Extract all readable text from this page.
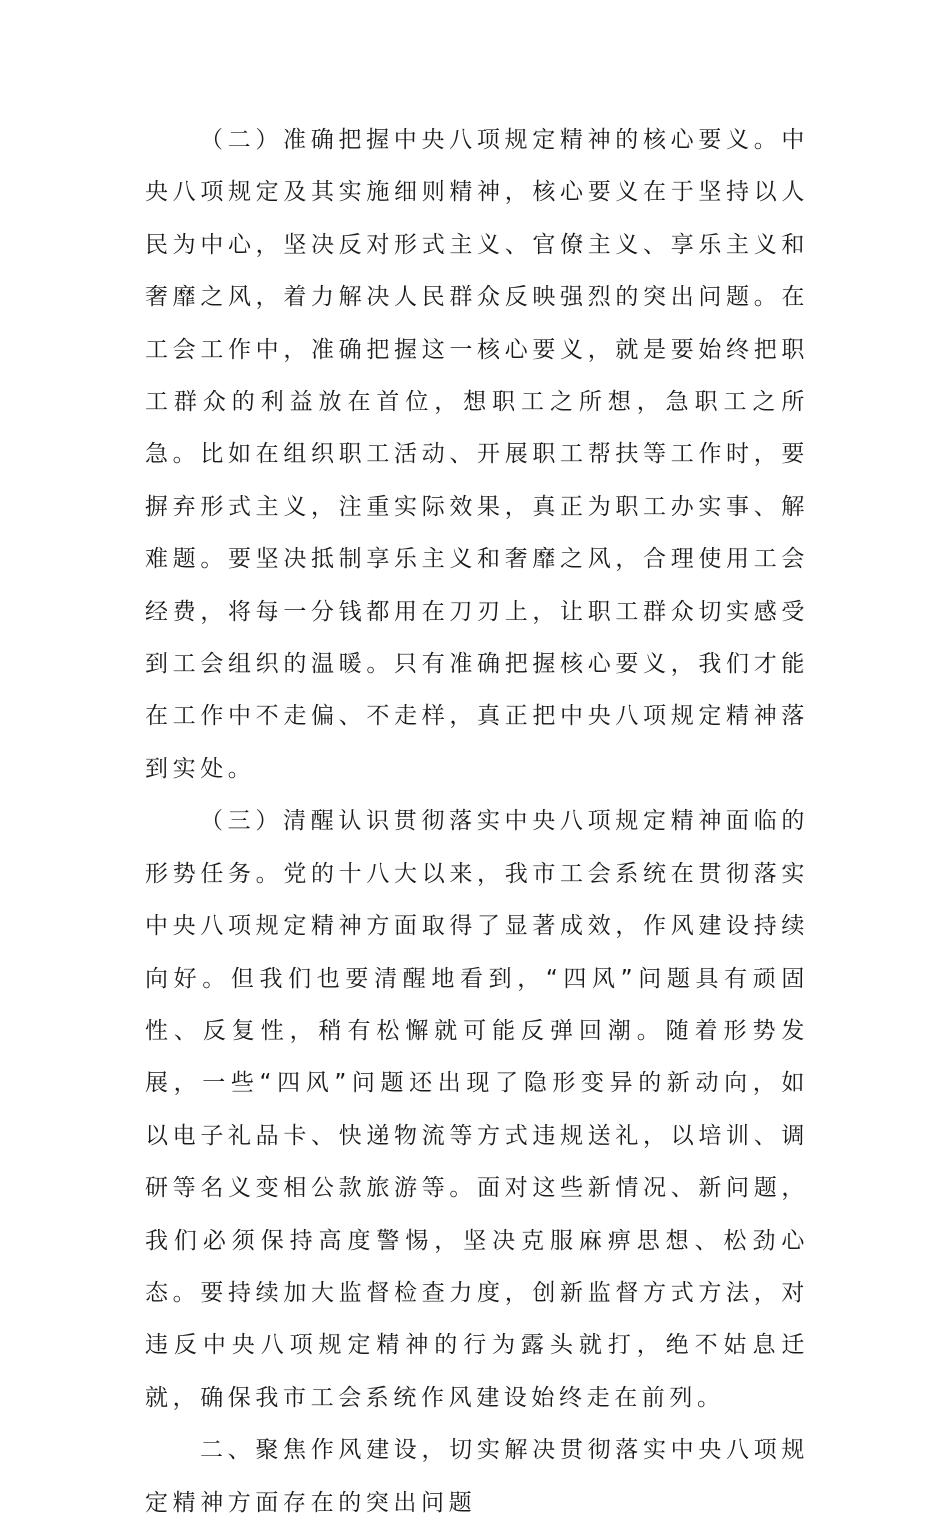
（二）准确把握中央八项规定精神的核心要义。中央八项规定及其实施细则精神，核心要义在于坚持以人民为中心，坚决反对形式主义、官僚主义、享乐主义和奢靡之风，着力解决人民群众反映强烈的突出问题。在工会工作中，准确把握这一核心要义，就是要始终把职工群众的利益放在首位，想职工之所想，急职工之所急。比如在组织职工活动、开展职工帮扶等工作时，要摒弃形式主义，注重实际效果，真正为职工办实事、解难题。要坚决抵制享乐主义和奢靡之风，合理使用工会经费，将每一分钱都用在刀刃上，让职工群众切实感受到工会组织的温暖。只有准确把握核心要义，我们才能在工作中不走偏、不走样，真正把中央八项规定精神落到实处。

（三）清醒认识贯彻落实中央八项规定精神面临的形势任务。党的十八大以来，我市工会系统在贯彻落实中央八项规定精神方面取得了显著成效，作风建设持续向好。但我们也要清醒地看到，“四风”问题具有顽固性、反复性，稍有松懈就可能反弹回潮。随着形势发展，一些“四风”问题还出现了隐形变异的新动向，如以电子礼品卡、快递物流等方式违规送礼，以培训、调研等名义变相公款旅游等。面对这些新情况、新问题，我们必须保持高度警惕，坚决克服麻痹思想、松劲心态。要持续加大监督检查力度，创新监督方式方法，对违反中央八项规定精神的行为露头就打，绝不姑息迁就，确保我市工会系统作风建设始终走在前列。

二、聚焦作风建设，切实解决贯彻落实中央八项规定精神方面存在的突出问题
